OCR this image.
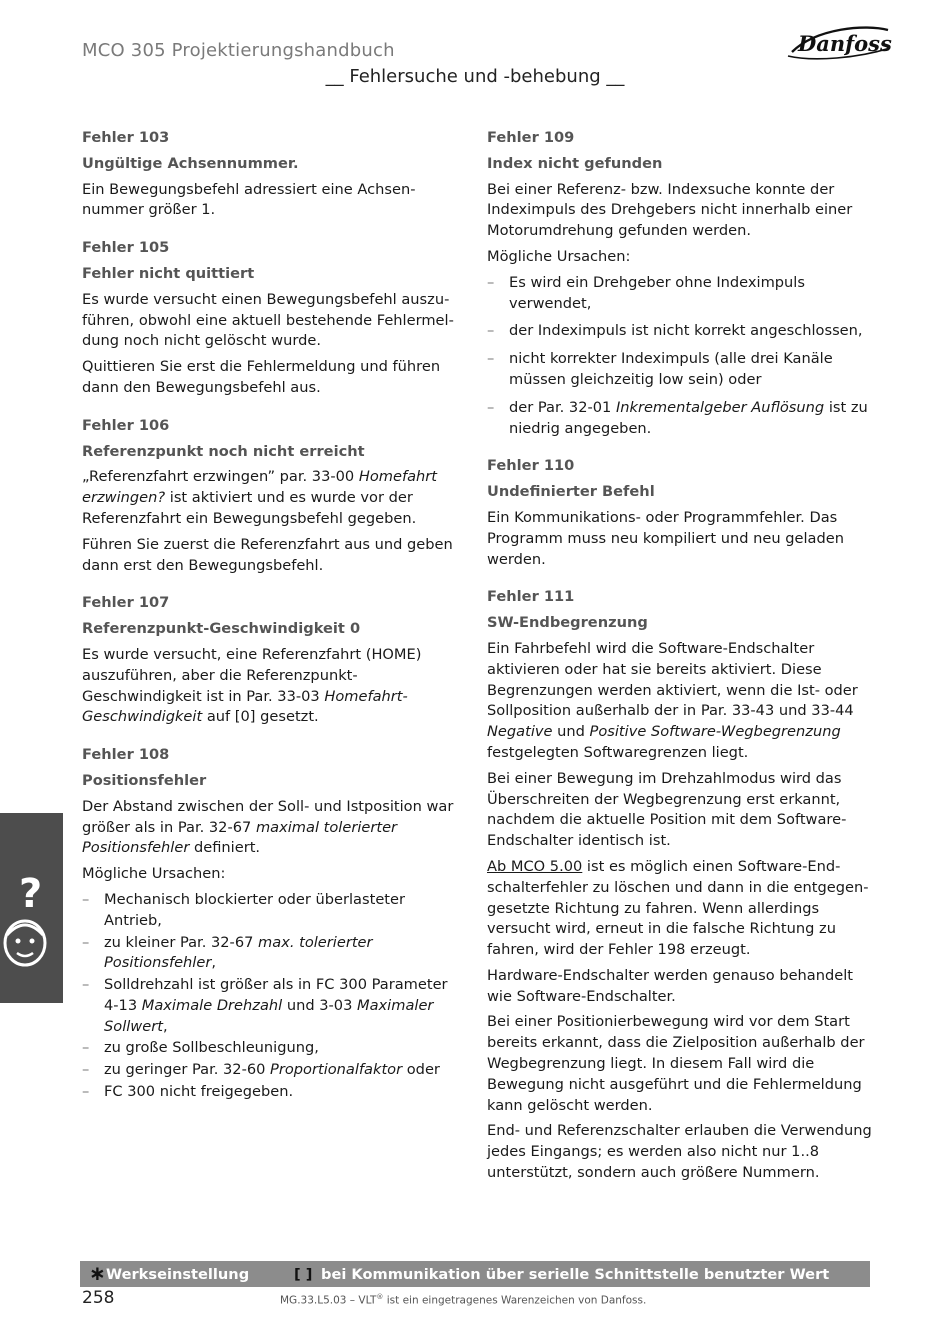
MCO 305 Projektierungshandbuch	Danfoss
__ Fehlersuche und -behebung __
Fehler 103
Ungültige Achsennummer.
Ein Bewegungsbefehl adressiert eine Achsen-
nummer größer 1.
Fehler 105
Fehler nicht quittiert
Es wurde versucht einen Bewegungsbefehl auszu-
führen, obwohl eine aktuell bestehende Fehlermel-
dung noch nicht gelöscht wurde.
Quittieren Sie erst die Fehlermeldung und führen dann den Bewegungsbefehl aus.
Fehler 106
Referenzpunkt noch nicht erreicht
„Referenzfahrt erzwingen” par. 33-00 Homefahrt erzwingen? ist aktiviert und es wurde vor der Referenzfahrt ein Bewegungsbefehl gegeben.
Führen Sie zuerst die Referenzfahrt aus und geben dann erst den Bewegungsbefehl.
Fehler 107
Referenzpunkt-Geschwindigkeit 0
Es wurde versucht, eine Referenzfahrt (HOME) auszuführen, aber die Referenzpunkt-Geschwindigkeit ist in Par. 33-03 Homefahrt-Geschwindigkeit auf [0] gesetzt.
Fehler 108
Positionsfehler
Der Abstand zwischen der Soll- und Istposition war größer als in Par. 32-67 maximal tolerierter Positionsfehler definiert.
Mögliche Ursachen:
– Mechanisch blockierter oder überlasteter Antrieb,
– zu kleiner Par. 32-67 max. tolerierter Positionsfehler,
– Solldrehzahl ist größer als in FC 300 Parameter 4-13 Maximale Drehzahl und 3-03 Maximaler Sollwert,
– zu große Sollbeschleunigung,
– zu geringer Par. 32-60 Proportionalfaktor oder
– FC 300 nicht freigegeben.
Fehler 109
Index nicht gefunden
Bei einer Referenz- bzw. Indexsuche konnte der Indeximpuls des Drehgebers nicht innerhalb einer Motorumdrehung gefunden werden.
Mögliche Ursachen:
– Es wird ein Drehgeber ohne Indeximpuls verwendet,
– der Indeximpuls ist nicht korrekt angeschlossen,
– nicht korrekter Indeximpuls (alle drei Kanäle müssen gleichzeitig low sein) oder
– der Par. 32-01 Inkrementalgeber Auflösung ist zu niedrig angegeben.
Fehler 110
Undefinierter Befehl
Ein Kommunikations- oder Programmfehler. Das Programm muss neu kompiliert und neu geladen werden.
Fehler 111
SW-Endbegrenzung
Ein Fahrbefehl wird die Software-Endschalter aktivieren oder hat sie bereits aktiviert. Diese Begrenzungen werden aktiviert, wenn die Ist- oder Sollposition außerhalb der in Par. 33-43 und 33-44 Negative und Positive Software-Wegbegrenzung festgelegten Softwaregrenzen liegt.
Bei einer Bewegung im Drehzahlmodus wird das Überschreiten der Wegbegrenzung erst erkannt, nachdem die aktuelle Position mit dem Software-Endschalter identisch ist.
Ab MCO 5.00 ist es möglich einen Software-End-schalterfehler zu löschen und dann in die entgegen-gesetzte Richtung zu fahren. Wenn allerdings versucht wird, erneut in die falsche Richtung zu fahren, wird der Fehler 198 erzeugt.
Hardware-Endschalter werden genauso behandelt wie Software-Endschalter.
Bei einer Positionierbewegung wird vor dem Start bereits erkannt, dass die Zielposition außerhalb der Wegbegrenzung liegt. In diesem Fall wird die Bewegung nicht ausgeführt und die Fehlermeldung kann gelöscht werden.
End- und Referenzschalter erlauben die Verwendung jedes Eingangs; es werden also nicht nur 1..8 unterstützt, sondern auch größere Nummern.
?
∗ Werkseinstellung	[ ] bei Kommunikation über serielle Schnittstelle benutzter Wert
258	MG.33.L5.03 – VLT® ist ein eingetragenes Warenzeichen von Danfoss.
